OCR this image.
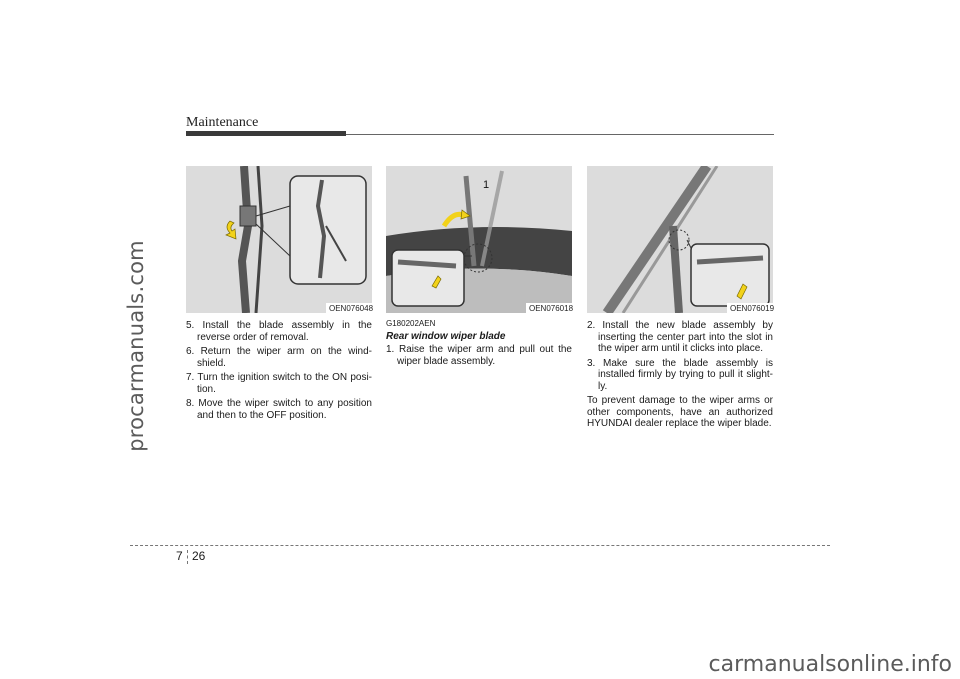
procarmanuals.com
Maintenance
OEN076048
1
OEN076018	OEN076019

5. Install the blade assembly in the reverse order of removal.

6. Return the wiper arm on the wind-shield.

7. Turn the ignition switch to the ON posi-tion.

8. Move the wiper switch to any position and then to the OFF position.

G180202AEN

Rear window wiper blade

1. Raise the wiper arm and pull out the wiper blade assembly.

2. Install the new blade assembly by inserting the center part into the slot in the wiper arm until it clicks into place.

3. Make sure the blade assembly is installed firmly by trying to pull it slight-ly.

To prevent damage to the wiper arms or other components, have an authorized HYUNDAI dealer replace the wiper blade.

7 26
carmanualsonline.info
